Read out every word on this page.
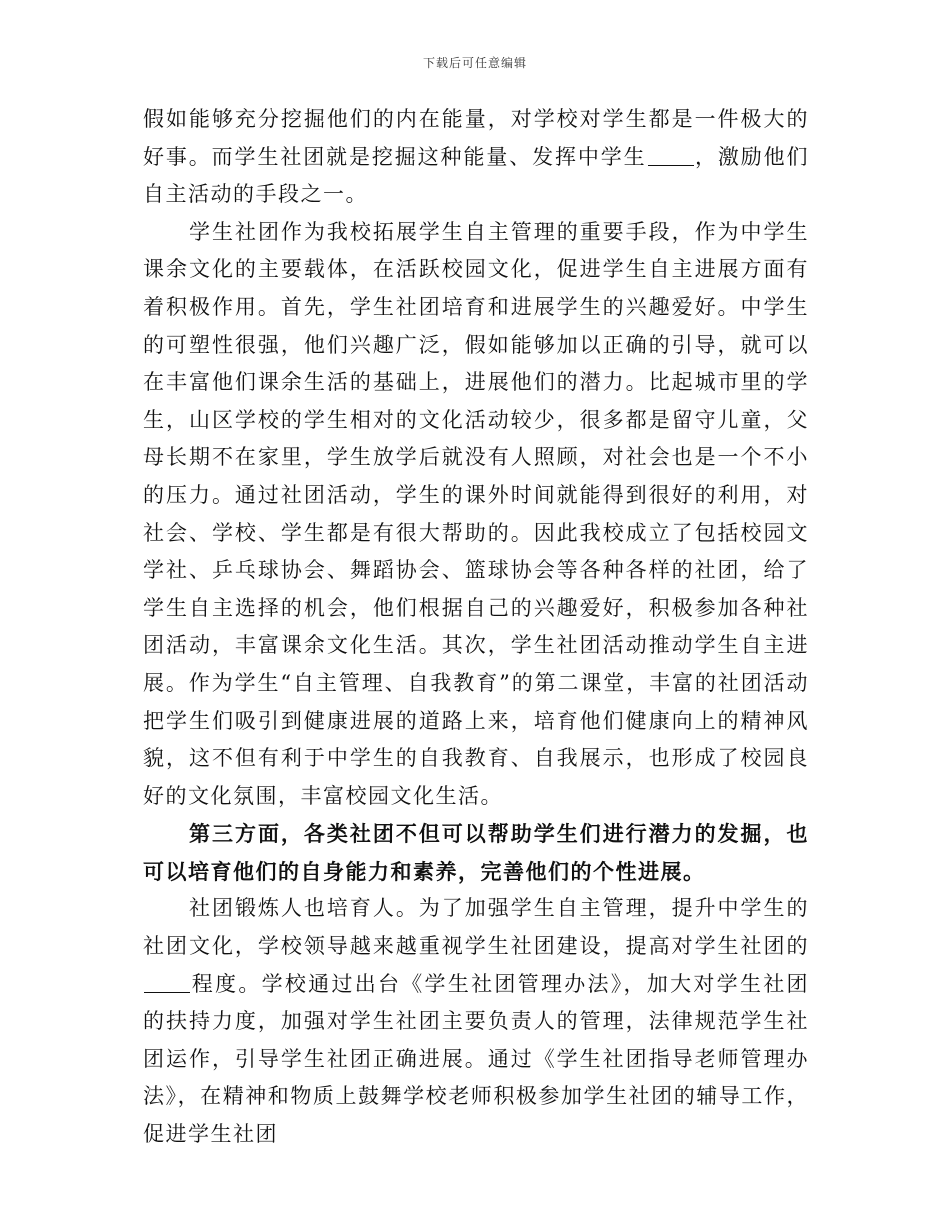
下载后可任意编辑

假如能够充分挖掘他们的内在能量，对学校对学生都是一件极大的好事。而学生社团就是挖掘这种能量、发挥中学生 ，激励他们自主活动的手段之一。

学生社团作为我校拓展学生自主管理的重要手段，作为中学生课余文化的主要载体，在活跃校园文化，促进学生自主进展方面有着积极作用。首先，学生社团培育和进展学生的兴趣爱好。中学生的可塑性很强，他们兴趣广泛，假如能够加以正确的引导，就可以在丰富他们课余生活的基础上，进展他们的潜力。比起城市里的学生，山区学校的学生相对的文化活动较少，很多都是留守儿童，父母长期不在家里，学生放学后就没有人照顾，对社会也是一个不小的压力。通过社团活动，学生的课外时间就能得到很好的利用，对社会、学校、学生都是有很大帮助的。因此我校成立了包括校园文学社、乒乓球协会、舞蹈协会、篮球协会等各种各样的社团，给了学生自主选择的机会，他们根据自己的兴趣爱好，积极参加各种社团活动，丰富课余文化生活。其次，学生社团活动推动学生自主进展。作为学生“自主管理、自我教育”的第二课堂，丰富的社团活动把学生们吸引到健康进展的道路上来，培育他们健康向上的精神风貌，这不但有利于中学生的自我教育、自我展示，也形成了校园良好的文化氛围，丰富校园文化生活。

第三方面，各类社团不但可以帮助学生们进行潜力的发掘，也可以培育他们的自身能力和素养，完善他们的个性进展。

社团锻炼人也培育人。为了加强学生自主管理，提升中学生的社团文化，学校领导越来越重视学生社团建设，提高对学生社团的程度。学校通过出台《学生社团管理办法》，加大对学生社团的扶持力度，加强对学生社团主要负责人的管理，法律规范学生社团运作，引导学生社团正确进展。通过《学生社团指导老师管理办法》，在精神和物质上鼓舞学校老师积极参加学生社团的辅导工作，促进学生社团
